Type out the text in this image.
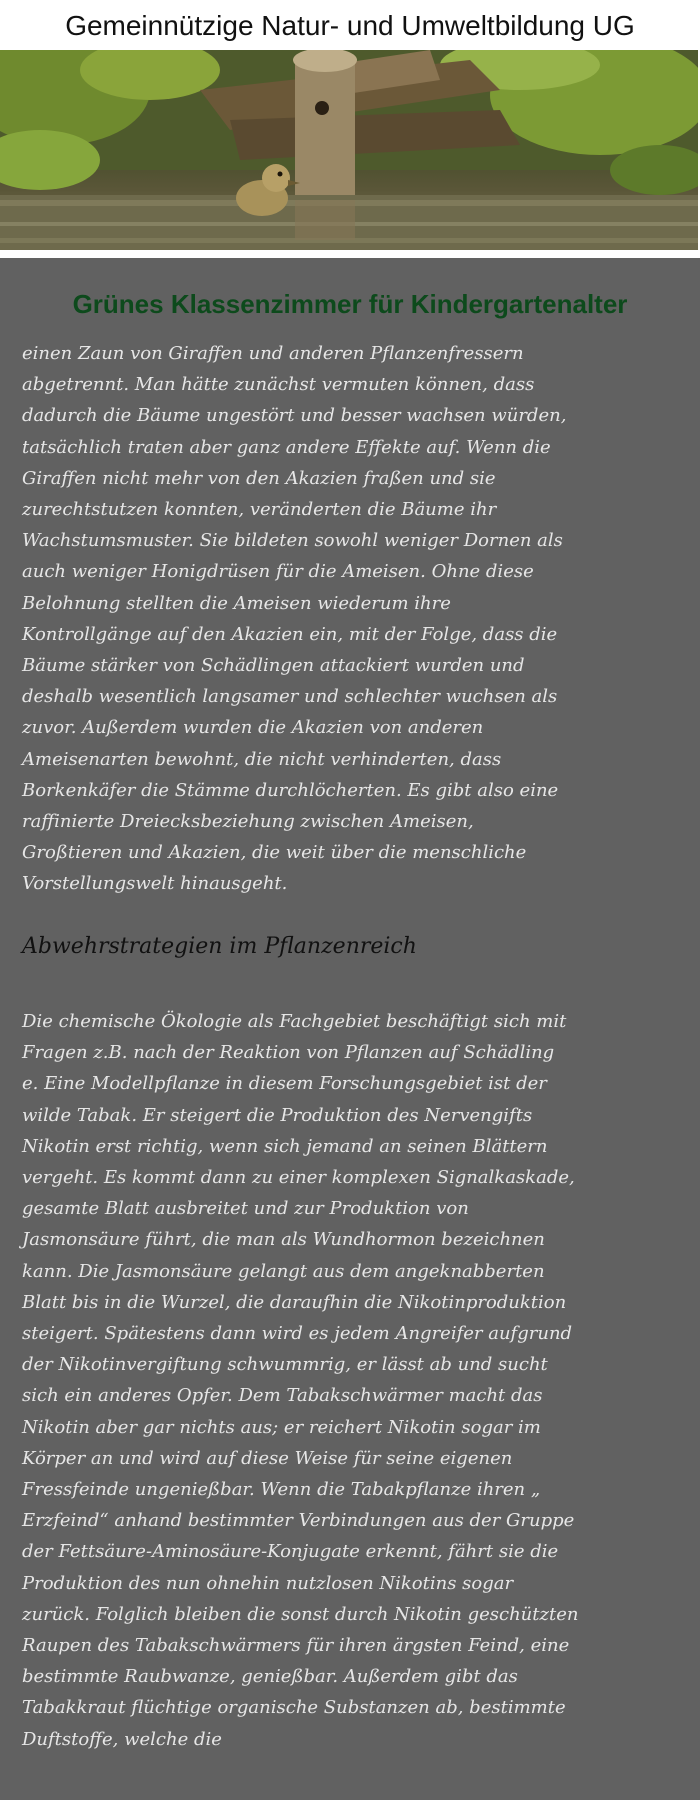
Gemeinnützige Natur- und Umweltbildung UG
Grünes Klassenzimmer für Kindergartenalter

einen Zaun von Giraffen und anderen Pflanzenfressern
abgetrennt. Man hätte zunächst vermuten können, dass
dadurch die Bäume ungestört und besser wachsen würden,
tatsächlich traten aber ganz andere Effekte auf. Wenn die
Giraffen nicht mehr von den Akazien fraßen und sie
zurechtstutzen konnten, veränderten die Bäume ihr
Wachstumsmuster. Sie bildeten sowohl weniger Dornen als
auch weniger Honigdrüsen für die Ameisen. Ohne diese
Belohnung stellten die Ameisen wiederum ihre
Kontrollgänge auf den Akazien ein, mit der Folge, dass die
Bäume stärker von Schädlingen attackiert wurden und
deshalb wesentlich langsamer und schlechter wuchsen als
zuvor. Außerdem wurden die Akazien von anderen
Ameisenarten bewohnt, die nicht verhinderten, dass
Borkenkäfer die Stämme durchlöcherten. Es gibt also eine
raffinierte Dreiecksbeziehung zwischen Ameisen,
Großtieren und Akazien, die weit über die menschliche
Vorstellungswelt hinausgeht.

Abwehrstrategien im Pflanzenreich

Die chemische Ökologie als Fachgebiet beschäftigt sich mit
Fragen z.B. nach der Reaktion von Pflanzen auf Schädling
e. Eine Modellpflanze in diesem Forschungsgebiet ist der
wilde Tabak. Er steigert die Produktion des Nervengifts
Nikotin erst richtig, wenn sich jemand an seinen Blättern
vergeht. Es kommt dann zu einer komplexen Signalkaskade,
gesamte Blatt ausbreitet und zur Produktion von
Jasmonsäure führt, die man als Wundhormon bezeichnen
kann. Die Jasmonsäure gelangt aus dem angeknabberten
Blatt bis in die Wurzel, die daraufhin die Nikotinproduktion
steigert. Spätestens dann wird es jedem Angreifer aufgrund
der Nikotinvergiftung schwummrig, er lässt ab und sucht
sich ein anderes Opfer. Dem Tabakschwärmer macht das
Nikotin aber gar nichts aus; er reichert Nikotin sogar im
Körper an und wird auf diese Weise für seine eigenen
Fressfeinde ungenießbar. Wenn die Tabakpflanze ihren „
Erzfeind“ anhand bestimmter Verbindungen aus der Gruppe
der Fettsäure-Aminosäure-Konjugate erkennt, fährt sie die
Produktion des nun ohnehin nutzlosen Nikotins sogar
zurück. Folglich bleiben die sonst durch Nikotin geschützten
Raupen des Tabakschwärmers für ihren ärgsten Feind, eine
bestimmte Raubwanze, genießbar. Außerdem gibt das
Tabakkraut flüchtige organische Substanzen ab, bestimmte
Duftstoffe, welche die
